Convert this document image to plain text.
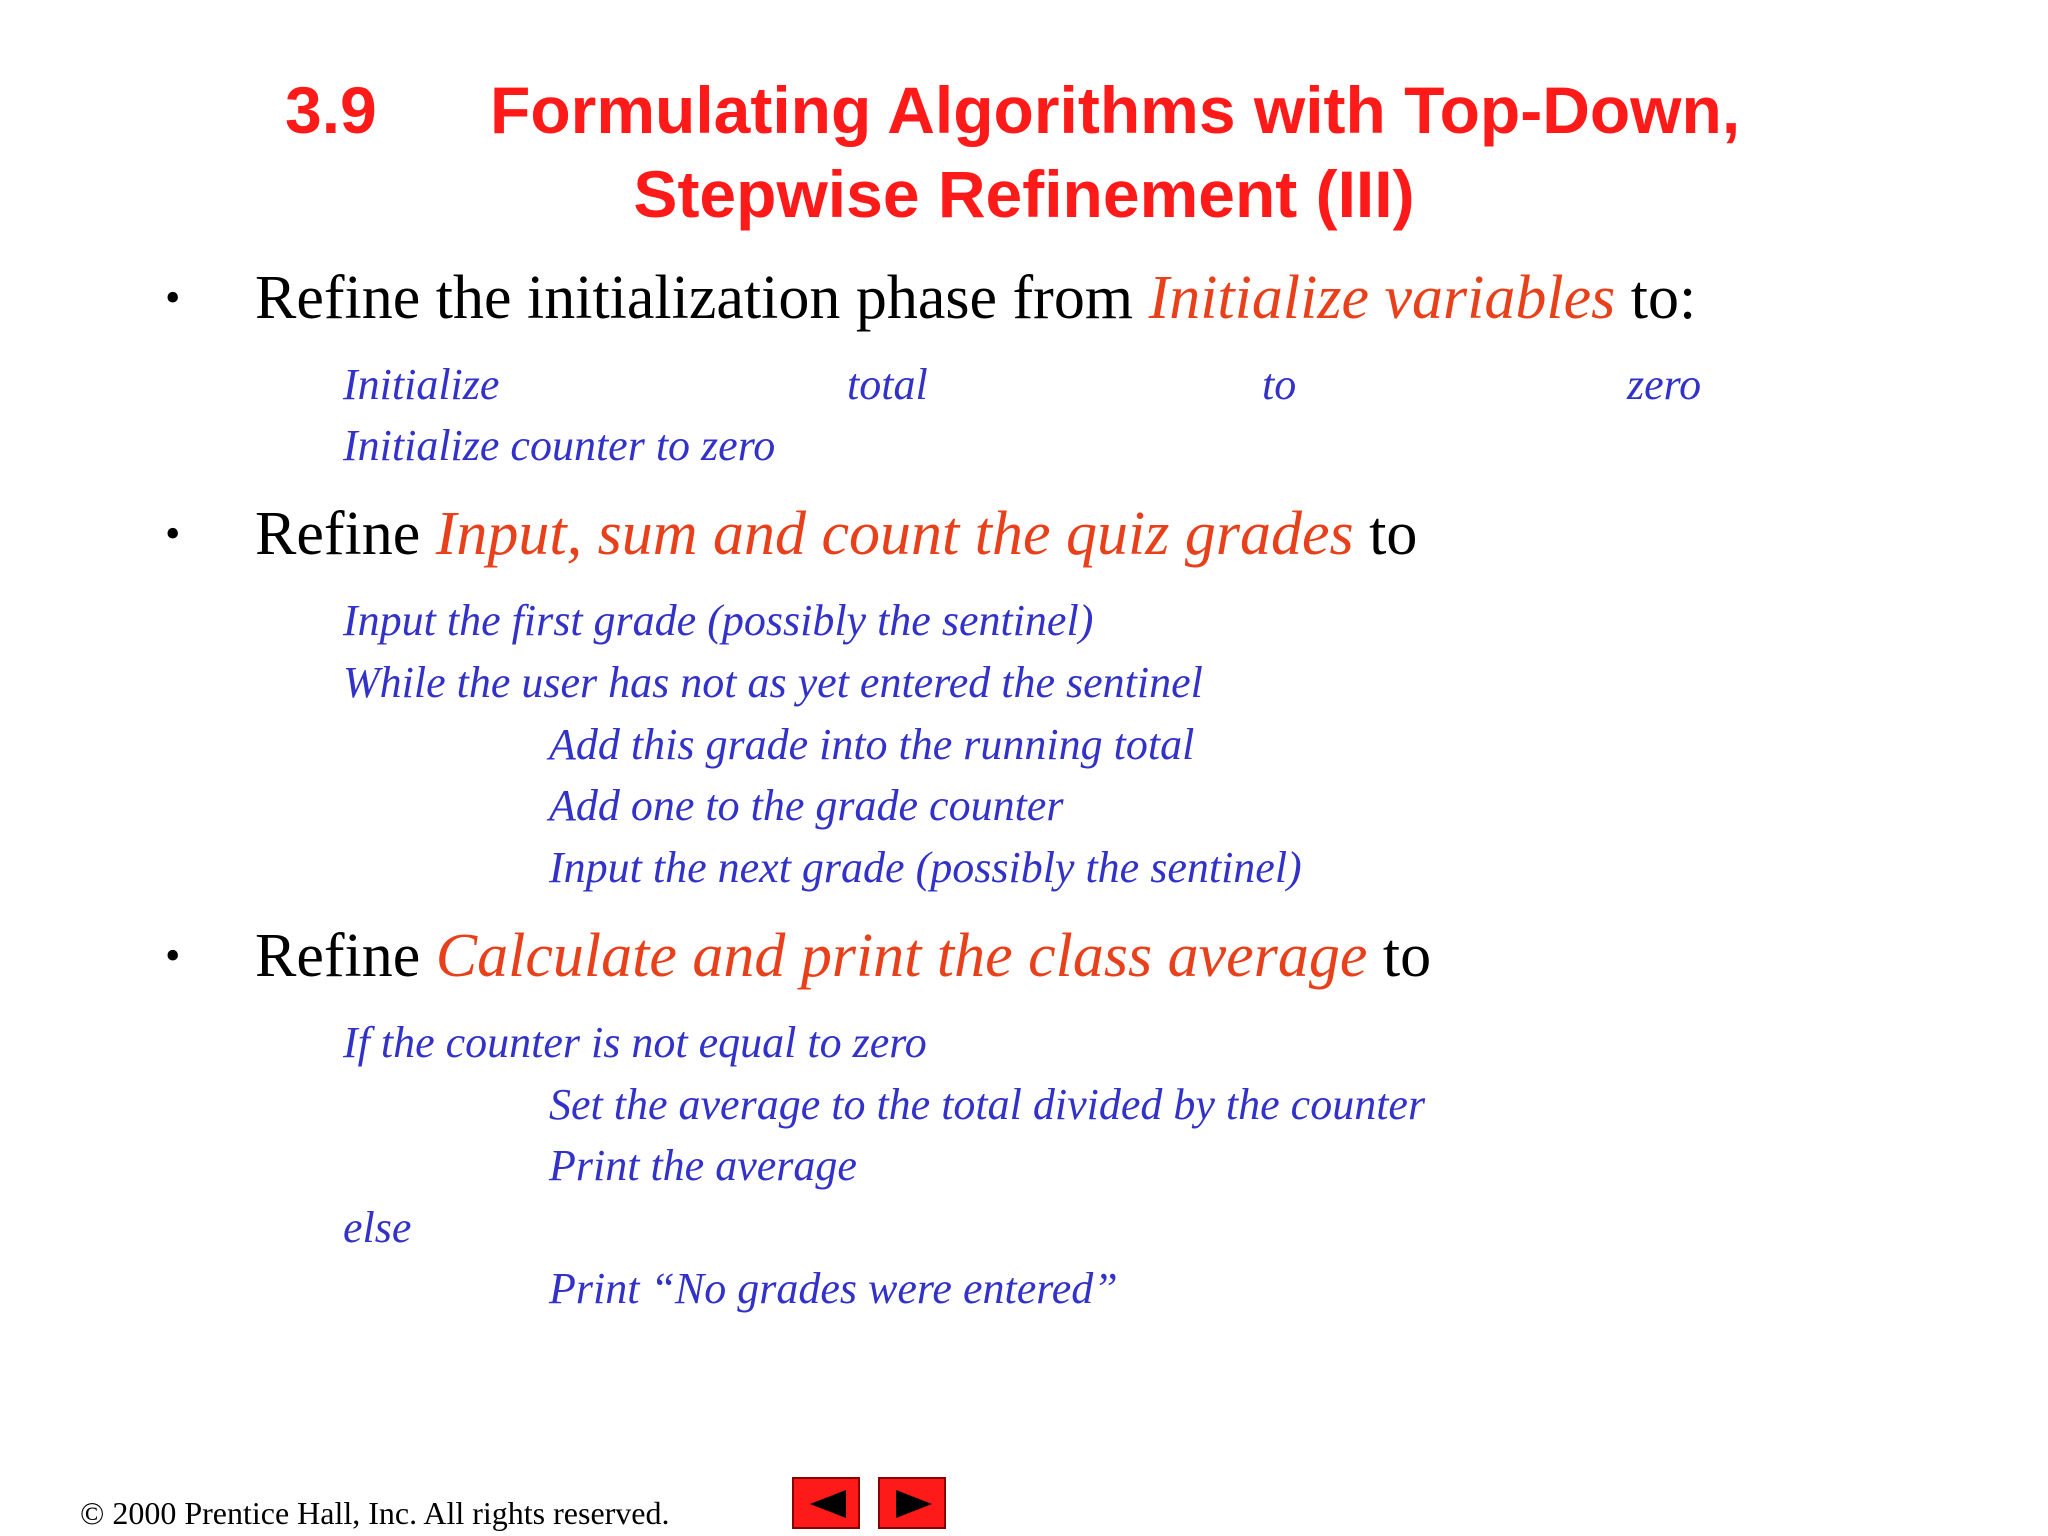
3.9 Formulating Algorithms with Top-Down,
Stepwise Refinement (III)
• Refine the initialization phase from Initialize variables to:
Initialize	total	to	zero
Initialize counter to zero
• Refine Input, sum and count the quiz grades to
Input the first grade (possibly the sentinel)
While the user has not as yet entered the sentinel
Add this grade into the running total
Add one to the grade counter
Input the next grade (possibly the sentinel)
• Refine Calculate and print the class average to
If the counter is not equal to zero
Set the average to the total divided by the counter
Print the average
else
Print “No grades were entered”
© 2000 Prentice Hall, Inc. All rights reserved.
